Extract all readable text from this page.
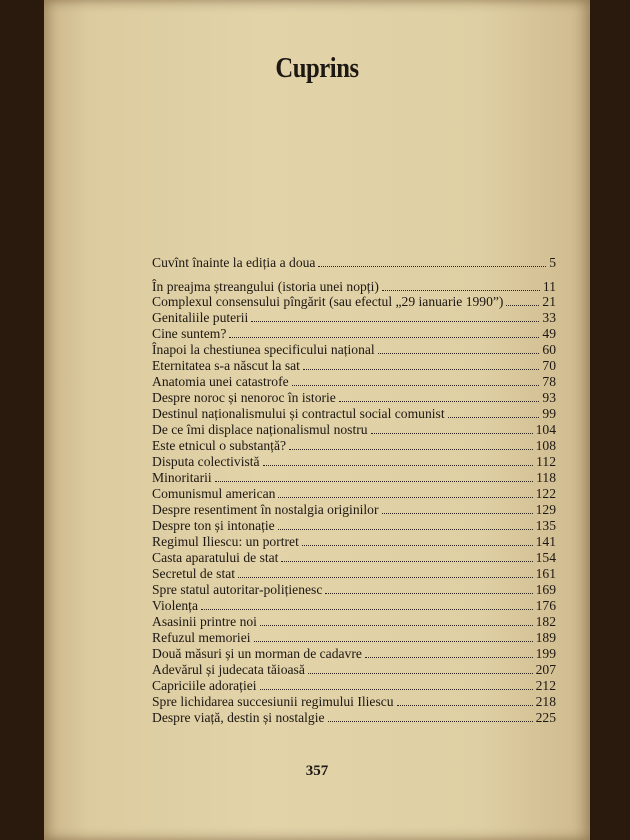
Cuprins
Cuvînt înainte la ediția a doua	5
În preajma ștreangului (istoria unei nopți)	11
Complexul consensului pîngărit (sau efectul „29 ianuarie 1990”)	21
Genitaliile puterii	33
Cine suntem?	49
Înapoi la chestiunea specificului național	60
Eternitatea s-a născut la sat	70
Anatomia unei catastrofe	78
Despre noroc și nenoroc în istorie	93
Destinul naționalismului și contractul social comunist	99
De ce îmi displace naționalismul nostru	104
Este etnicul o substanță?	108
Disputa colectivistă	112
Minoritarii	118
Comunismul american	122
Despre resentiment în nostalgia originilor	129
Despre ton și intonație	135
Regimul Iliescu: un portret	141
Casta aparatului de stat	154
Secretul de stat	161
Spre statul autoritar-polițienesc	169
Violența	176
Asasinii printre noi	182
Refuzul memoriei	189
Două măsuri și un morman de cadavre	199
Adevărul și judecata tăioasă	207
Capriciile adorației	212
Spre lichidarea succesiunii regimului Iliescu	218
Despre viață, destin și nostalgie	225
357
